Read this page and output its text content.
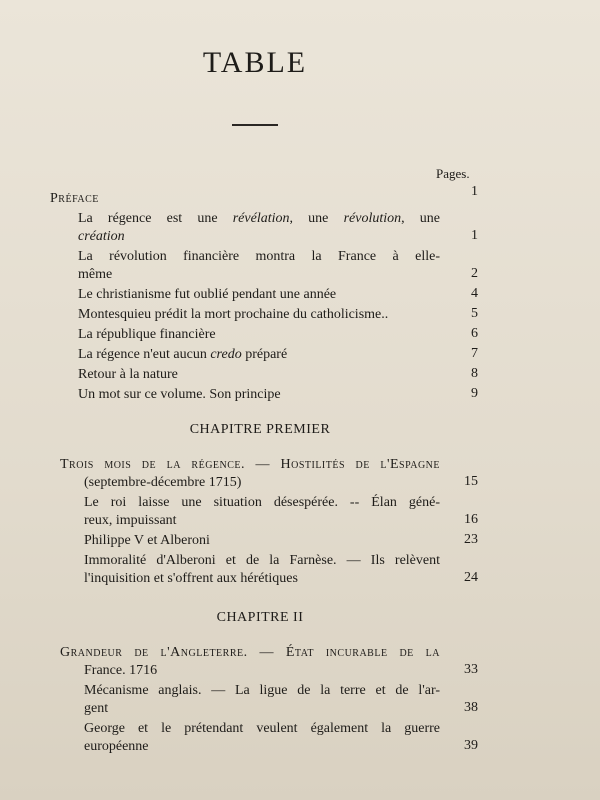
TABLE
Pages.
Préface	1
La régence est une révélation, une révolution, une
création	1
La révolution financière montra la France à elle-
même	2
Le christianisme fut oublié pendant une année	4
Montesquieu prédit la mort prochaine du catholicisme..	5
La république financière	6
La régence n'eut aucun credo préparé	7
Retour à la nature	8
Un mot sur ce volume. Son principe	9
CHAPITRE PREMIER
Trois mois de la régence. — Hostilités de l'Espagne
(septembre-décembre 1715)	15
Le roi laisse une situation désespérée. -- Élan géné-
reux, impuissant	16
Philippe V et Alberoni	23
Immoralité d'Alberoni et de la Farnèse. — Ils relèvent
l'inquisition et s'offrent aux hérétiques	24
CHAPITRE II
Grandeur de l'Angleterre. — État incurable de la
France. 1716	33
Mécanisme anglais. — La ligue de la terre et de l'ar-
gent	38
George et le prétendant veulent également la guerre
européenne	39
